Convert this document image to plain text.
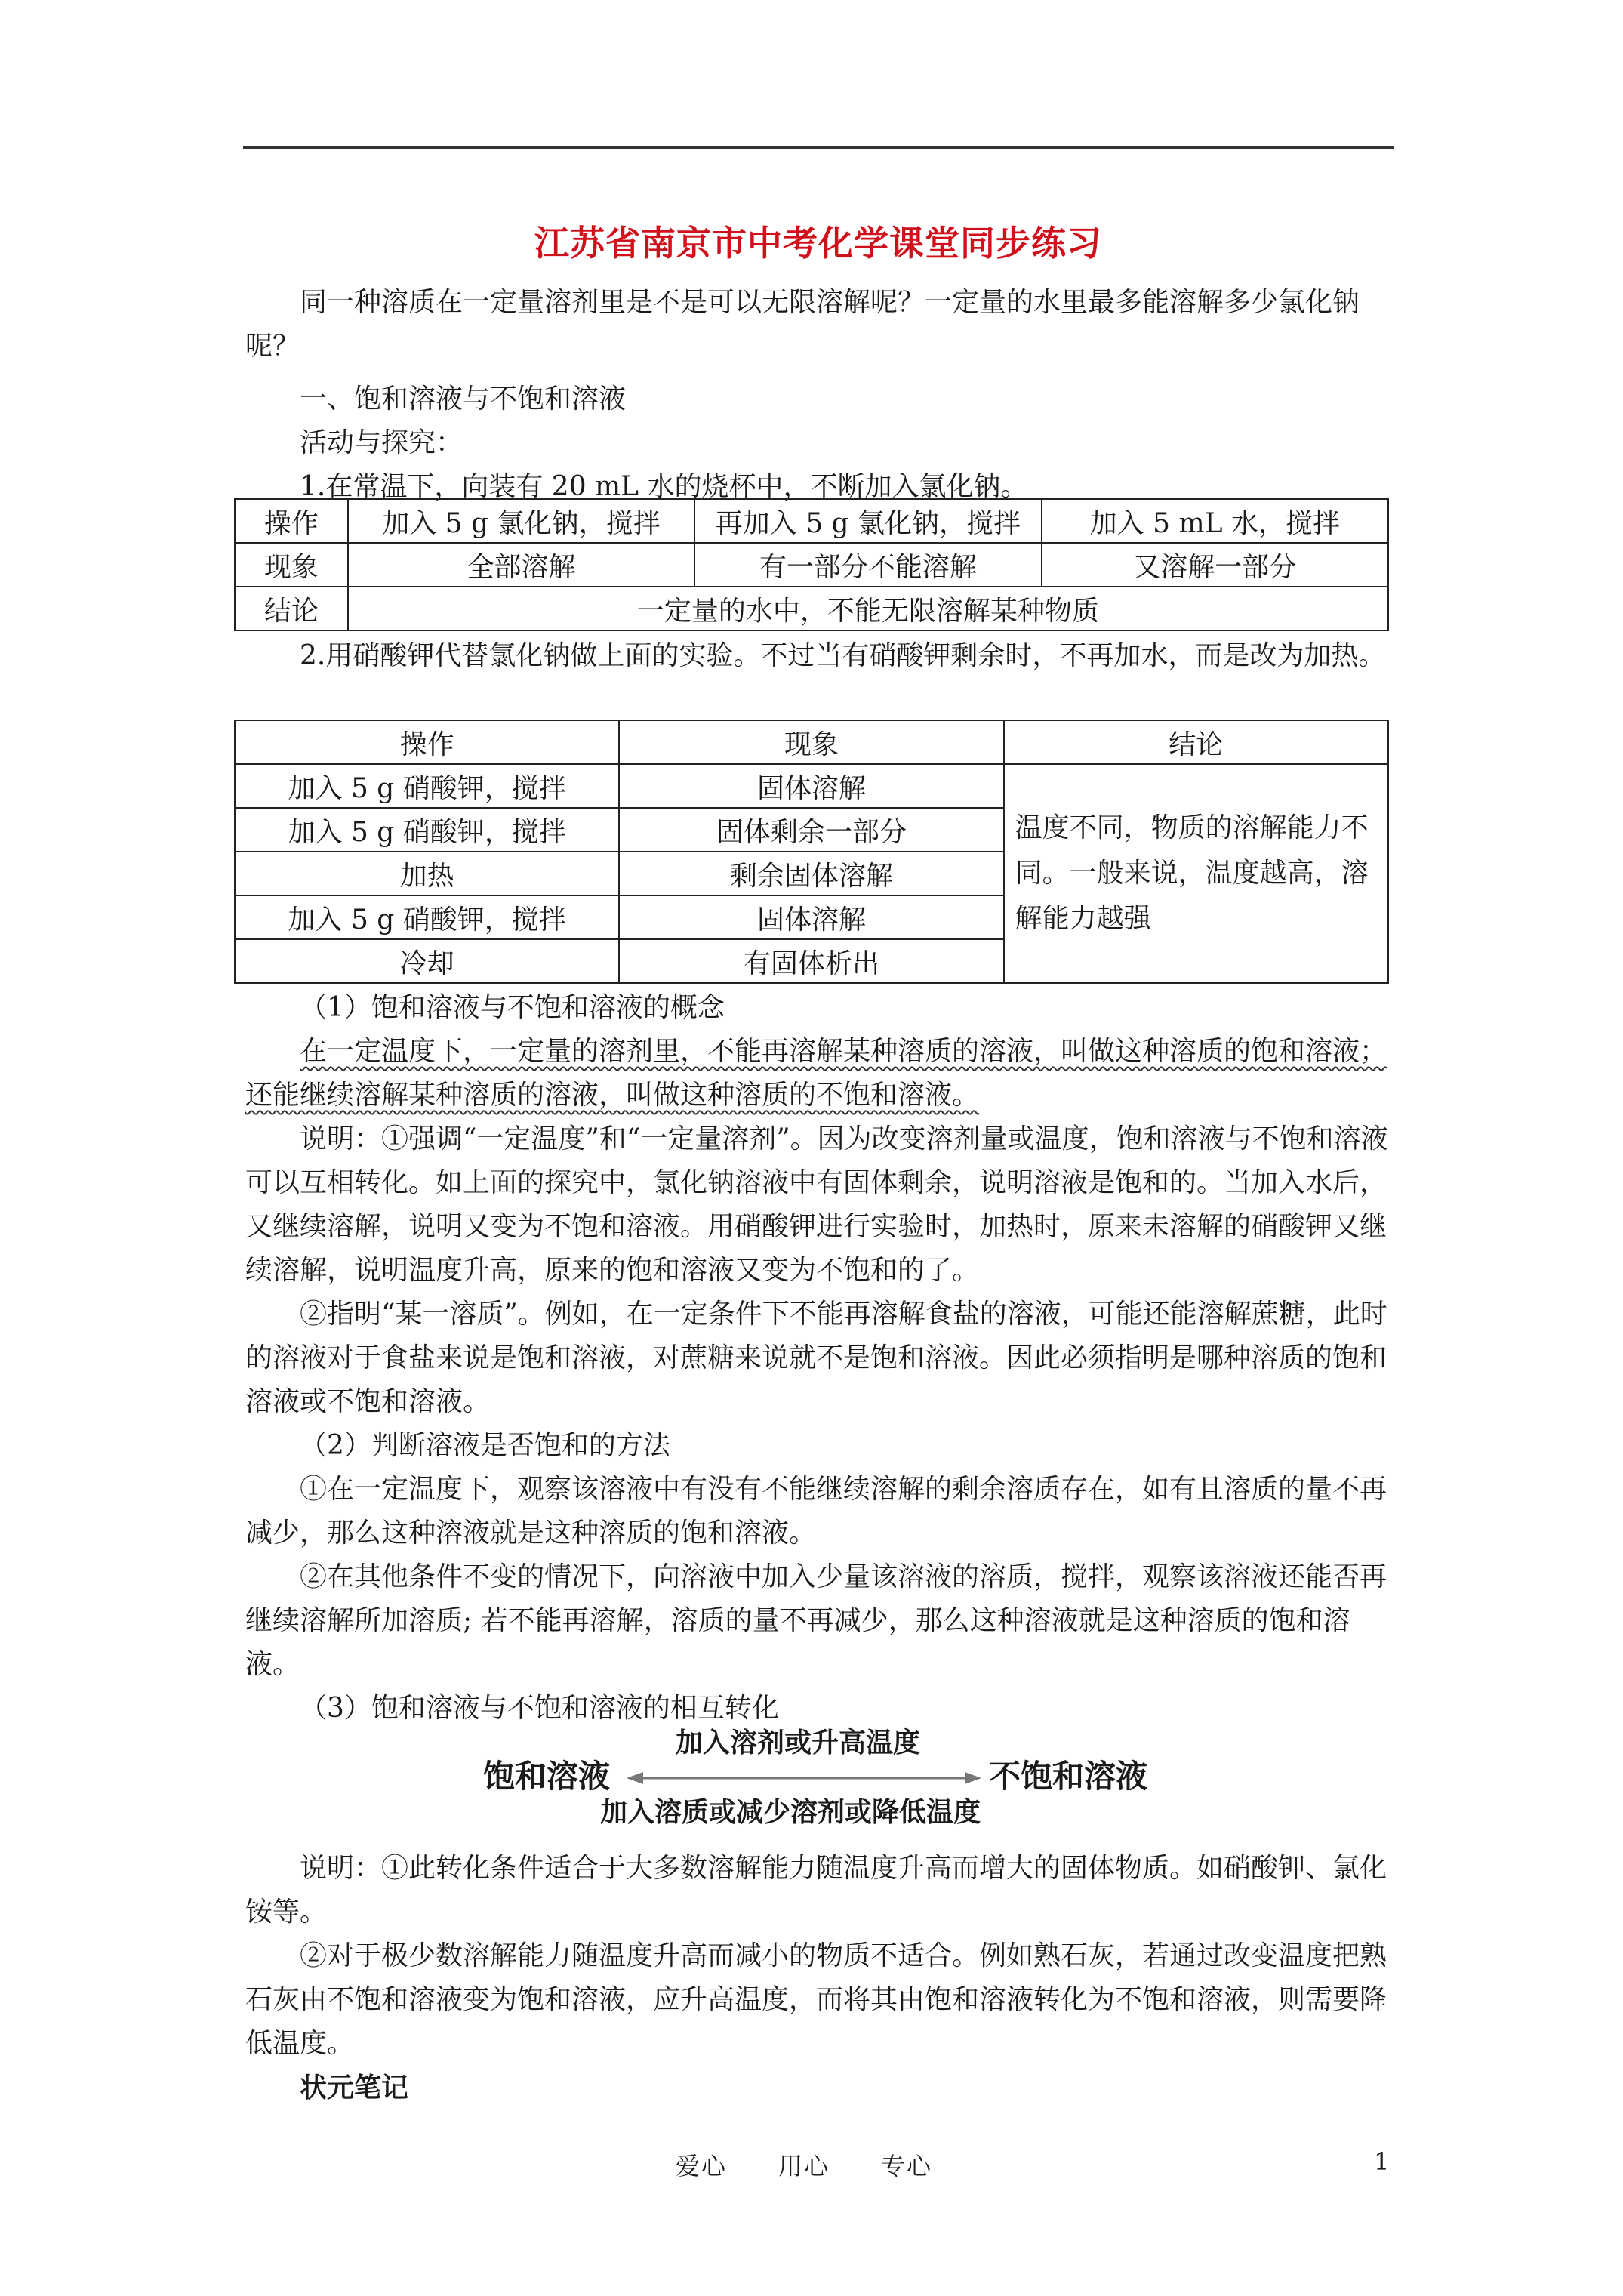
江苏省南京市中考化学课堂同步练习

同一种溶质在一定量溶剂里是不是可以无限溶解呢？一定量的水里最多能溶解多少氯化钠呢？

一、饱和溶液与不饱和溶液

活动与探究：

1.在常温下，向装有 20 mL 水的烧杯中，不断加入氯化钠。

操作	加入 5 g 氯化钠，搅拌	再加入 5 g 氯化钠，搅拌	加入 5 mL 水，搅拌
现象	全部溶解	有一部分不能溶解	又溶解一部分
结论	一定量的水中，不能无限溶解某种物质		

2.用硝酸钾代替氯化钠做上面的实验。不过当有硝酸钾剩余时，不再加水，而是改为加热。

操作	现象	结论
加入 5 g 硝酸钾，搅拌	固体溶解	温度不同，物质的溶解能力不同。一般来说，温度越高，溶解能力越强
加入 5 g 硝酸钾，搅拌	固体剩余一部分	
加热	剩余固体溶解	
加入 5 g 硝酸钾，搅拌	固体溶解	
冷却	有固体析出	

（1）饱和溶液与不饱和溶液的概念

在一定温度下，一定量的溶剂里，不能再溶解某种溶质的溶液，叫做这种溶质的饱和溶液；还能继续溶解某种溶质的溶液，叫做这种溶质的不饱和溶液。

说明：①强调“一定温度”和“一定量溶剂”。因为改变溶剂量或温度，饱和溶液与不饱和溶液可以互相转化。如上面的探究中，氯化钠溶液中有固体剩余，说明溶液是饱和的。当加入水后，又继续溶解，说明又变为不饱和溶液。用硝酸钾进行实验时，加热时，原来未溶解的硝酸钾又继续溶解，说明温度升高，原来的饱和溶液又变为不饱和的了。

②指明“某一溶质”。例如，在一定条件下不能再溶解食盐的溶液，可能还能溶解蔗糖，此时的溶液对于食盐来说是饱和溶液，对蔗糖来说就不是饱和溶液。因此必须指明是哪种溶质的饱和溶液或不饱和溶液。

（2）判断溶液是否饱和的方法

①在一定温度下，观察该溶液中有没有不能继续溶解的剩余溶质存在，如有且溶质的量不再减少，那么这种溶液就是这种溶质的饱和溶液。

②在其他条件不变的情况下，向溶液中加入少量该溶液的溶质，搅拌，观察该溶液还能否再继续溶解所加溶质; 若不能再溶解，溶质的量不再减少，那么这种溶液就是这种溶质的饱和溶液。

（3）饱和溶液与不饱和溶液的相互转化

加入溶剂或升高温度
饱和溶液	不饱和溶液
加入溶质或减少溶剂或降低温度

说明：①此转化条件适合于大多数溶解能力随温度升高而增大的固体物质。如硝酸钾、氯化铵等。

②对于极少数溶解能力随温度升高而减小的物质不适合。例如熟石灰，若通过改变温度把熟石灰由不饱和溶液变为饱和溶液，应升高温度，而将其由饱和溶液转化为不饱和溶液，则需要降低温度。

状元笔记

爱心　　用心　　专心	1
